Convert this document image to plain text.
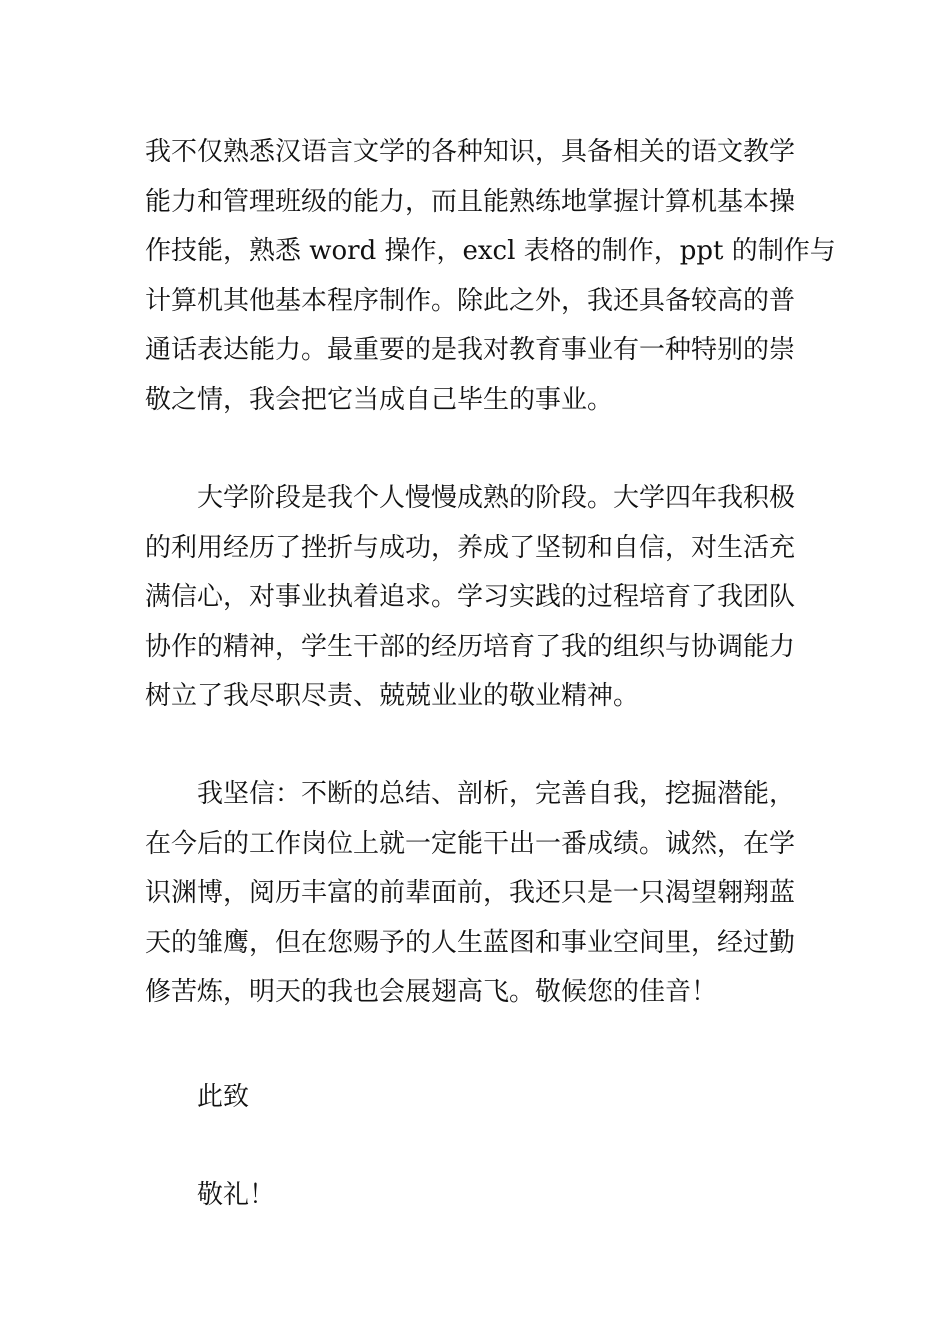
我不仅熟悉汉语言文学的各种知识，具备相关的语文教学
能力和管理班级的能力，而且能熟练地掌握计算机基本操
作技能，熟悉 word 操作，excl 表格的制作，ppt 的制作与
计算机其他基本程序制作。除此之外，我还具备较高的普
通话表达能力。最重要的是我对教育事业有一种特别的崇
敬之情，我会把它当成自己毕生的事业。
大学阶段是我个人慢慢成熟的阶段。大学四年我积极
的利用经历了挫折与成功，养成了坚韧和自信，对生活充
满信心，对事业执着追求。学习实践的过程培育了我团队
协作的精神，学生干部的经历培育了我的组织与协调能力
树立了我尽职尽责、兢兢业业的敬业精神。
我坚信：不断的总结、剖析，完善自我，挖掘潜能，
在今后的工作岗位上就一定能干出一番成绩。诚然，在学
识渊博，阅历丰富的前辈面前，我还只是一只渴望翱翔蓝
天的雏鹰，但在您赐予的人生蓝图和事业空间里，经过勤
修苦炼，明天的我也会展翅高飞。敬候您的佳音！
此致
敬礼！
